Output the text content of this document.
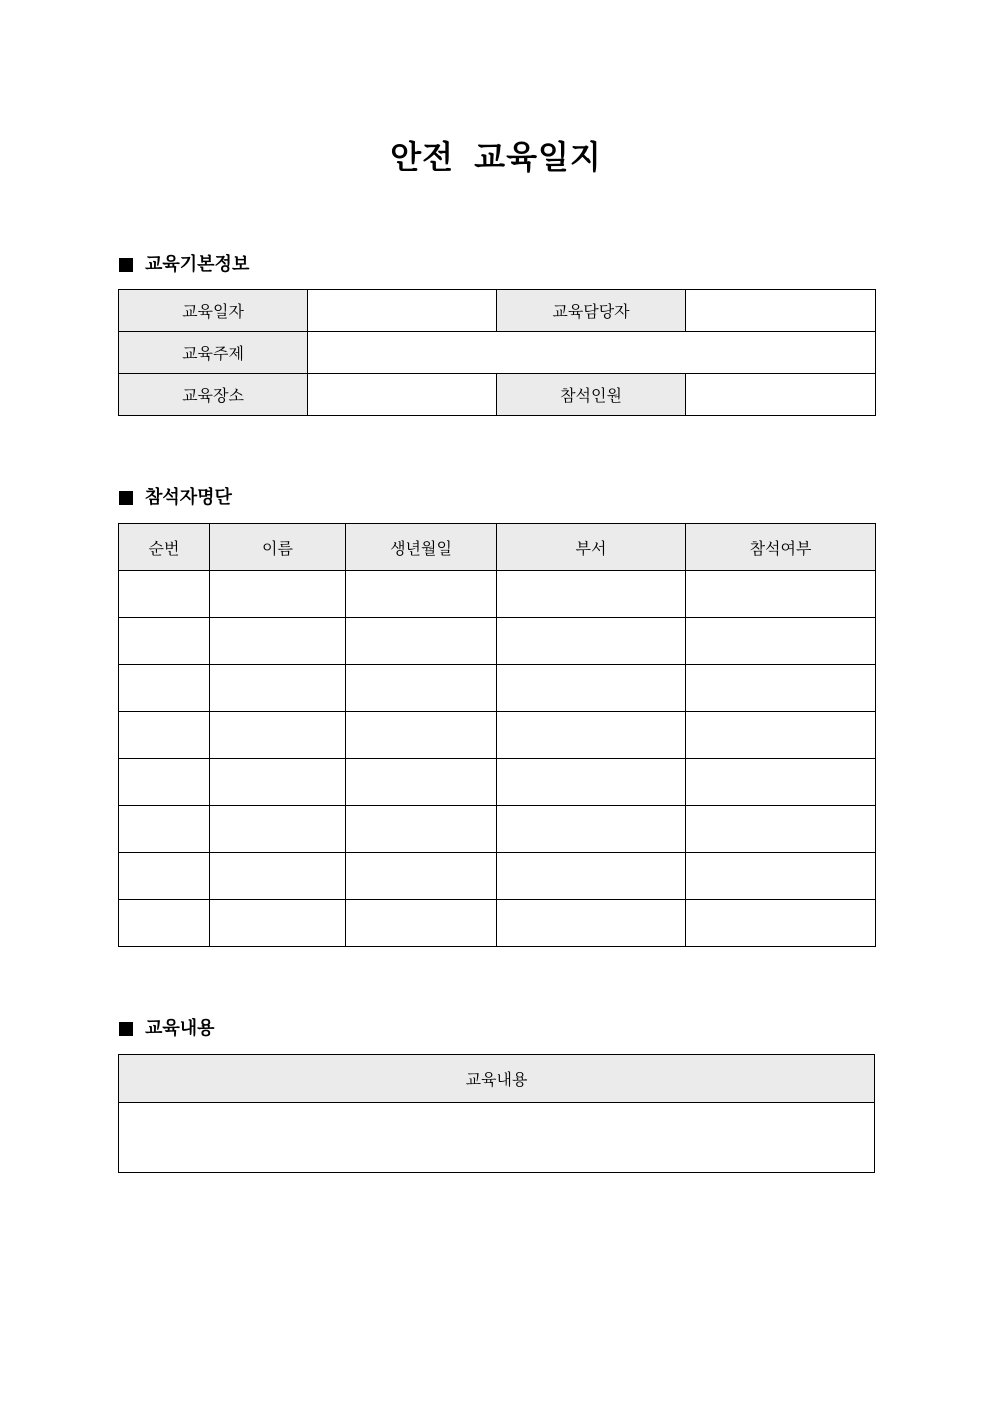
안전 교육일지
교육기본정보
교육일자		교육담당자	
교육주제			
교육장소		참석인원	
참석자명단
순번	이름	생년월일	부서	참석여부

교육내용
교육내용
